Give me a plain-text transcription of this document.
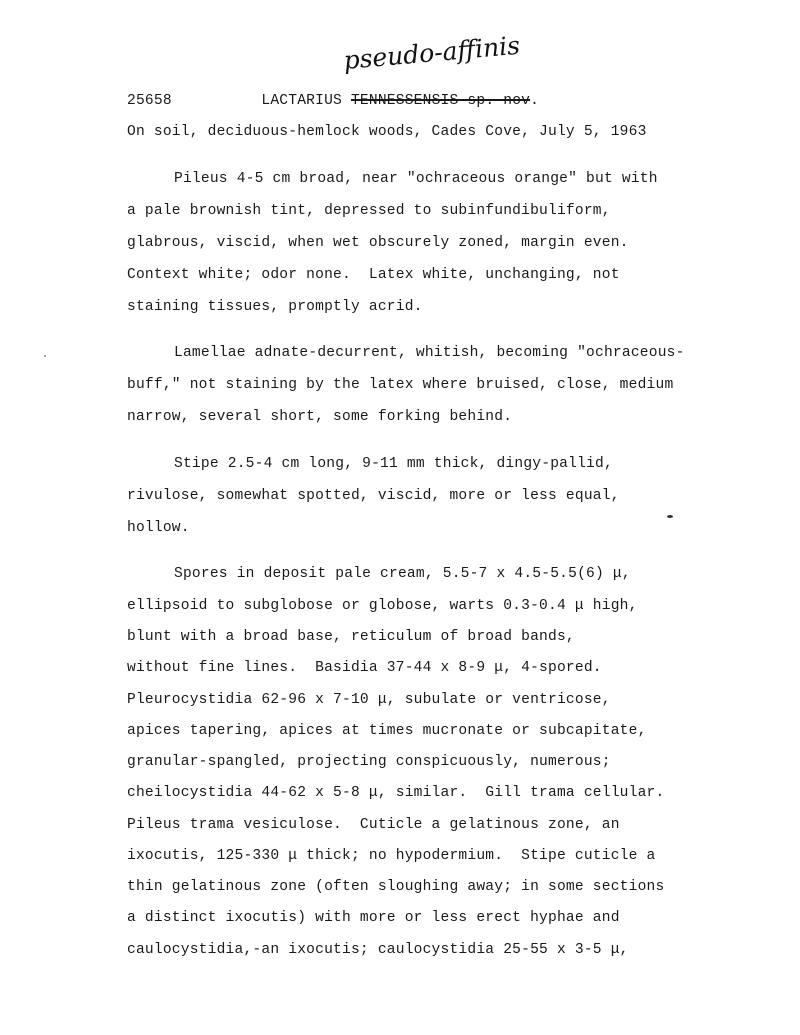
pseudo-affinis
25658	LACTARIUS TENNESSENSIS sp. nov.
On soil, deciduous-hemlock woods, Cades Cove, July 5, 1963
Pileus 4-5 cm broad, near "ochraceous orange" but with
a pale brownish tint, depressed to subinfundibuliform,
glabrous, viscid, when wet obscurely zoned, margin even.
Context white; odor none.  Latex white, unchanging, not
staining tissues, promptly acrid.
Lamellae adnate-decurrent, whitish, becoming "ochraceous-
buff," not staining by the latex where bruised, close, medium
narrow, several short, some forking behind.
Stipe 2.5-4 cm long, 9-11 mm thick, dingy-pallid,
rivulose, somewhat spotted, viscid, more or less equal,
hollow.
Spores in deposit pale cream, 5.5-7 x 4.5-5.5(6) μ,
ellipsoid to subglobose or globose, warts 0.3-0.4 μ high,
blunt with a broad base, reticulum of broad bands,
without fine lines.  Basidia 37-44 x 8-9 μ, 4-spored.
Pleurocystidia 62-96 x 7-10 μ, subulate or ventricose,
apices tapering, apices at times mucronate or subcapitate,
granular-spangled, projecting conspicuously, numerous;
cheilocystidia 44-62 x 5-8 μ, similar.  Gill trama cellular.
Pileus trama vesiculose.  Cuticle a gelatinous zone, an
ixocutis, 125-330 μ thick; no hypodermium.  Stipe cuticle a
thin gelatinous zone (often sloughing away; in some sections
a distinct ixocutis) with more or less erect hyphae and
caulocystidia,-an ixocutis; caulocystidia 25-55 x 3-5 μ,
